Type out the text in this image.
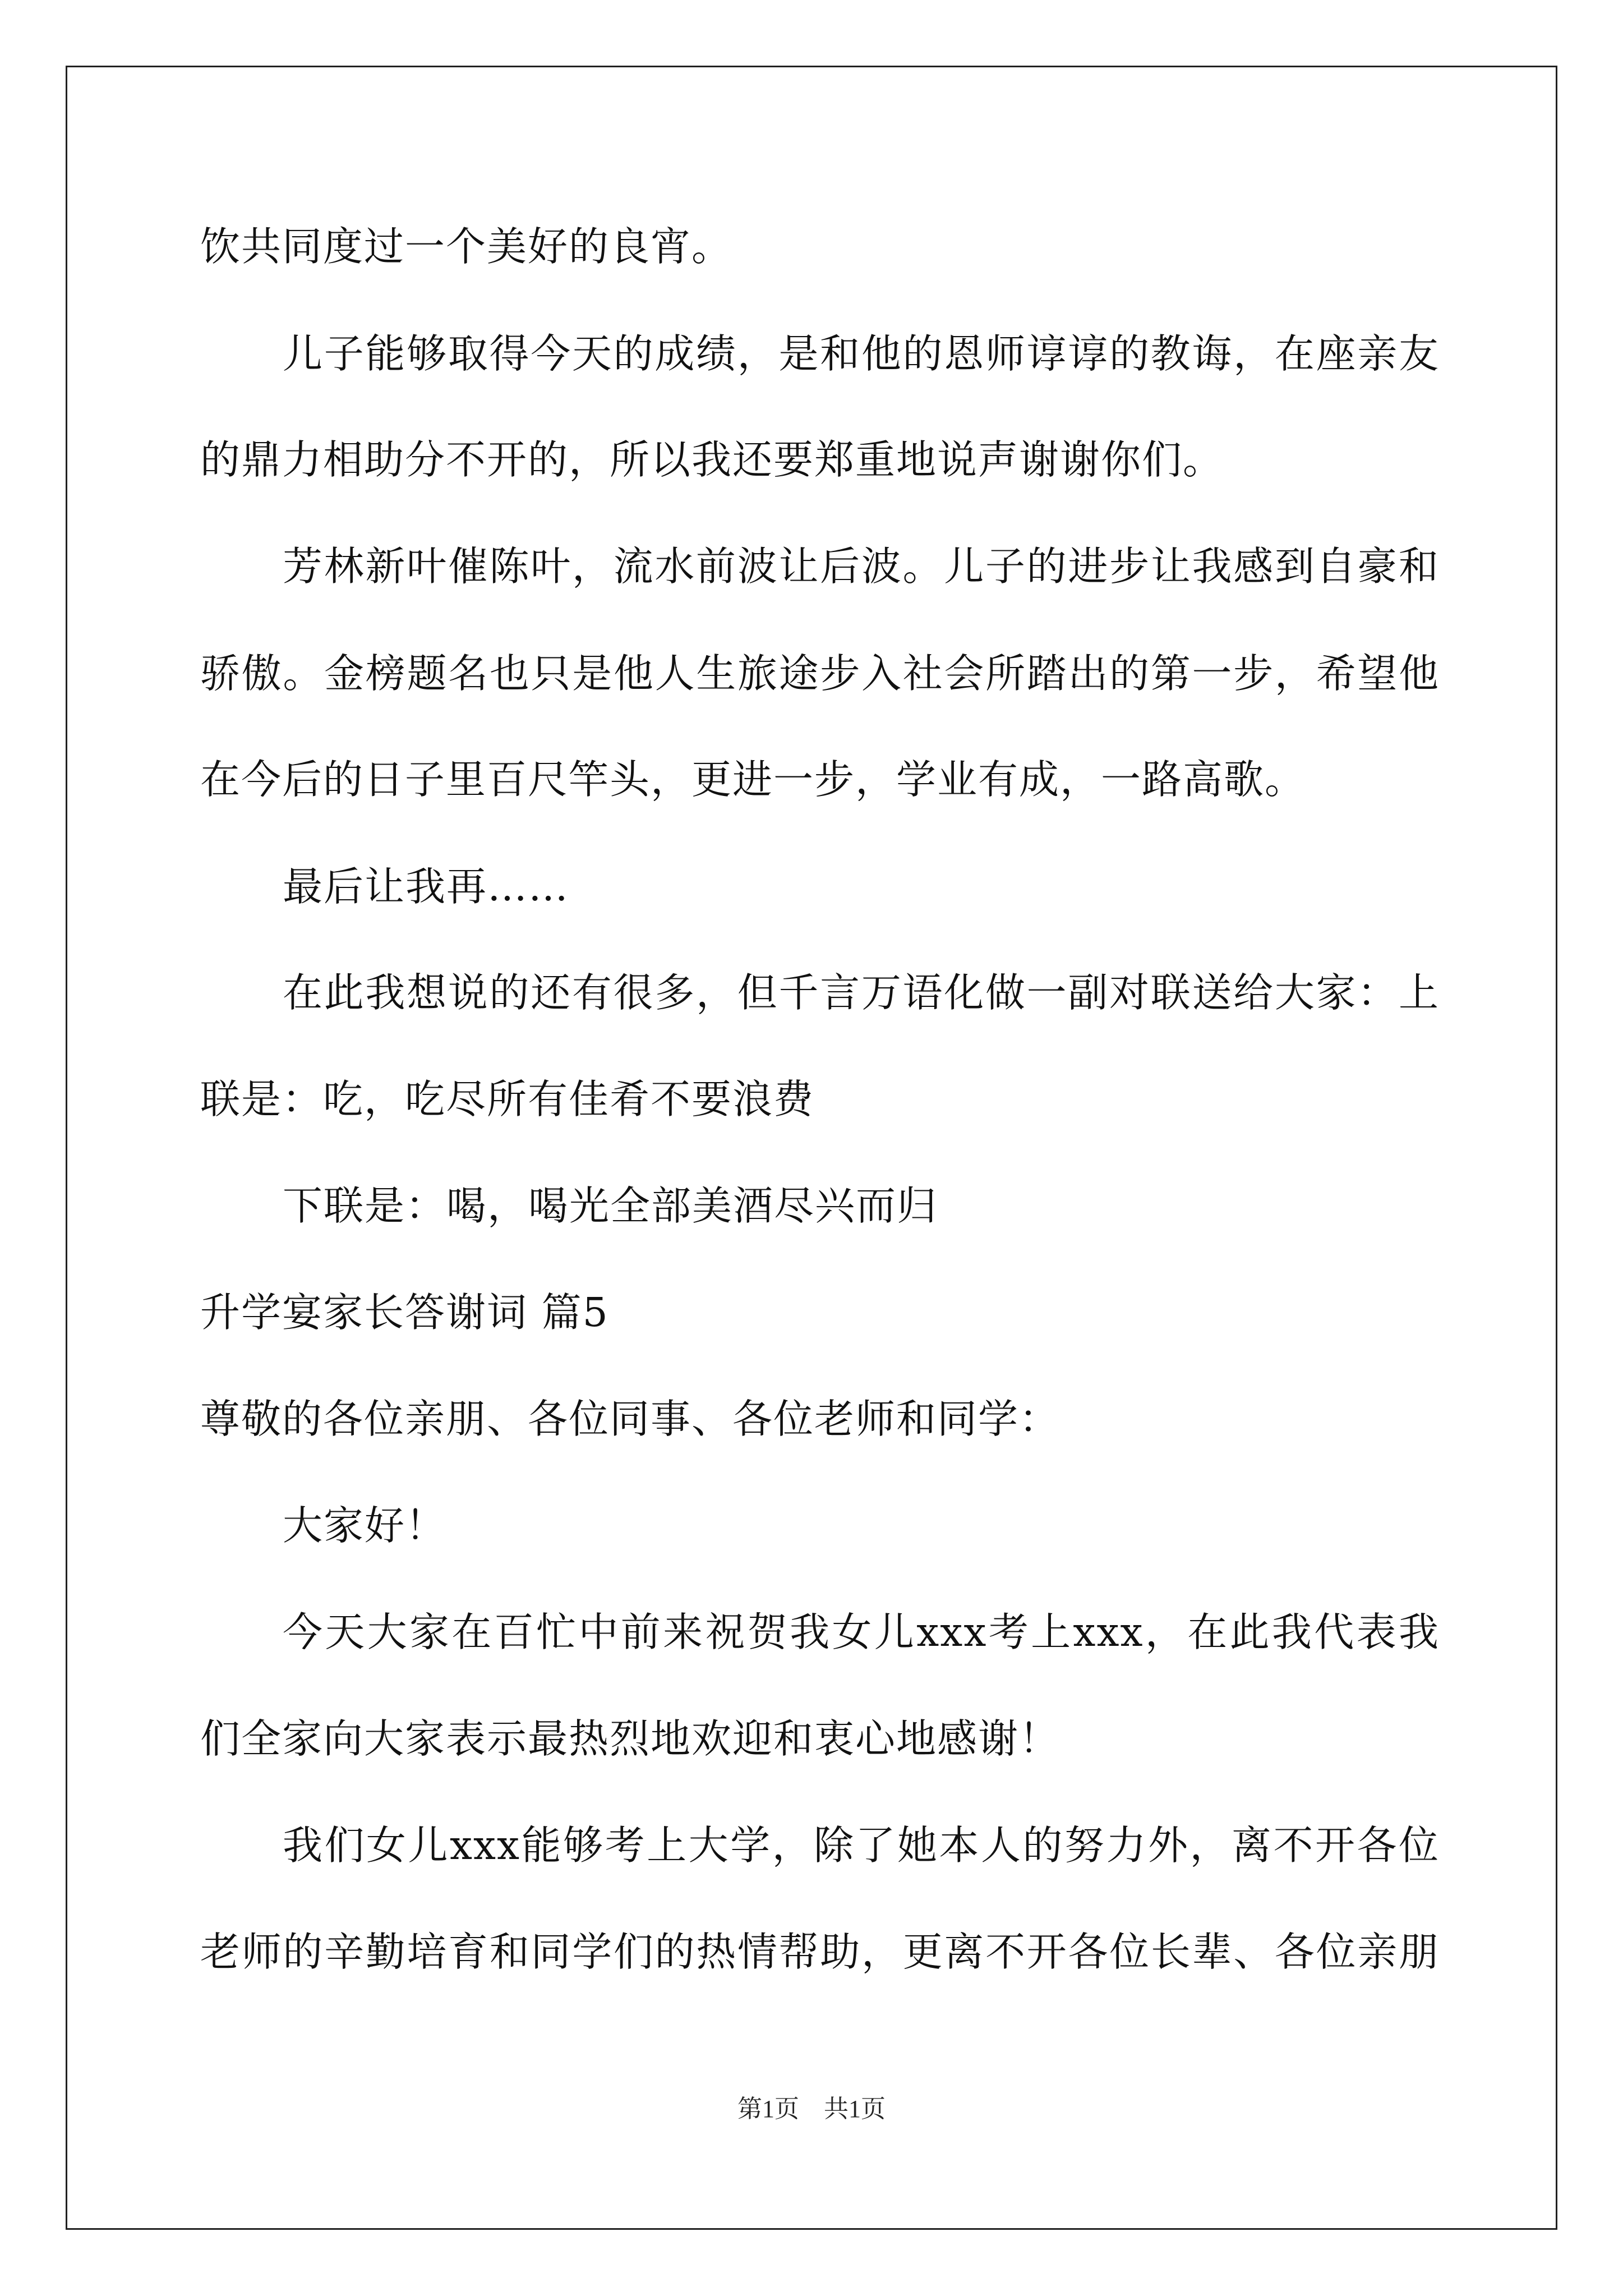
饮共同度过一个美好的良宵。
儿子能够取得今天的成绩，是和他的恩师谆谆的教诲，在座亲友
的鼎力相助分不开的，所以我还要郑重地说声谢谢你们。
芳林新叶催陈叶，流水前波让后波。儿子的进步让我感到自豪和
骄傲。金榜题名也只是他人生旅途步入社会所踏出的第一步，希望他
在今后的日子里百尺竿头，更进一步，学业有成，一路高歌。
最后让我再……
在此我想说的还有很多，但千言万语化做一副对联送给大家：上
联是：吃，吃尽所有佳肴不要浪费
下联是：喝，喝光全部美酒尽兴而归
升学宴家长答谢词 篇5
尊敬的各位亲朋、各位同事、各位老师和同学：
大家好！
今天大家在百忙中前来祝贺我女儿xxx考上xxx，在此我代表我
们全家向大家表示最热烈地欢迎和衷心地感谢！
我们女儿xxx能够考上大学，除了她本人的努力外，离不开各位
老师的辛勤培育和同学们的热情帮助，更离不开各位长辈、各位亲朋
第1页　共1页
